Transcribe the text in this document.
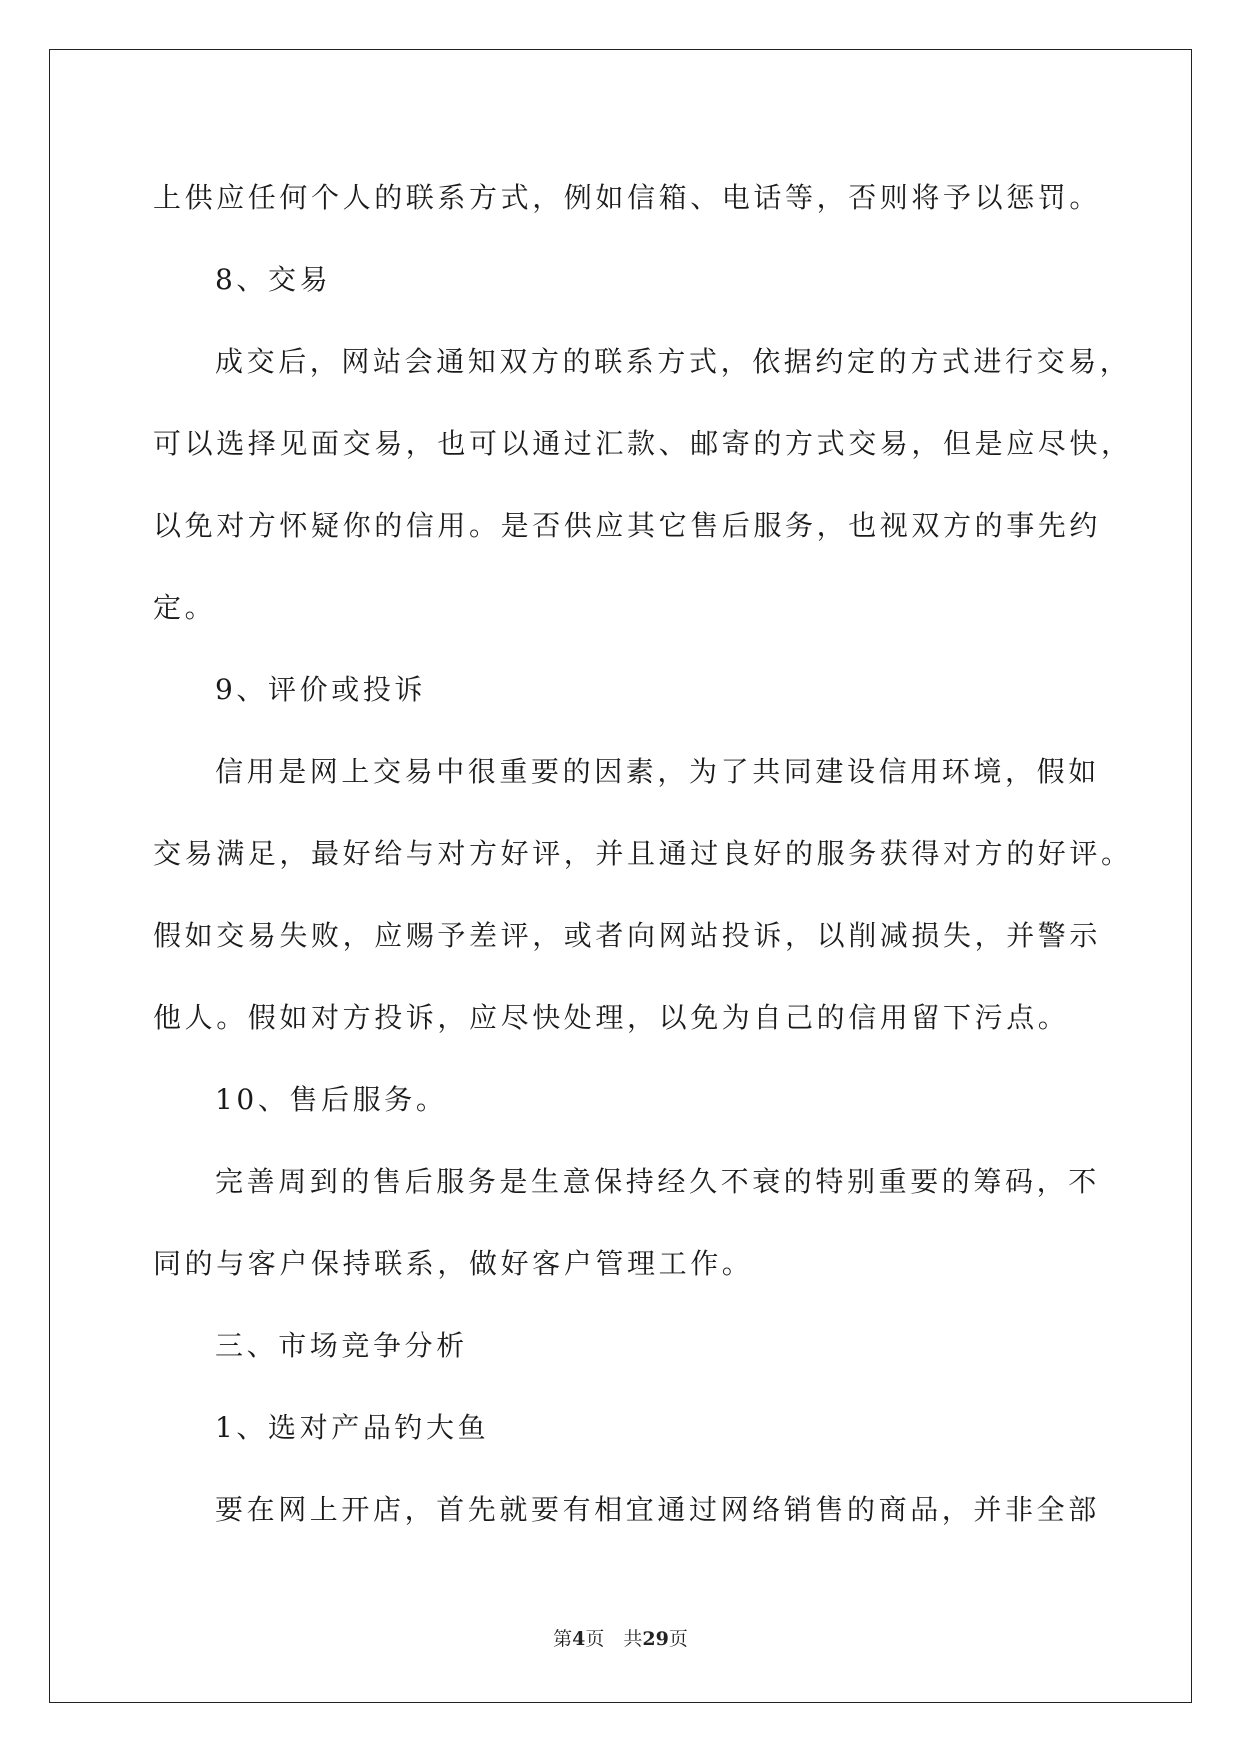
上供应任何个人的联系方式，例如信箱、电话等，否则将予以惩罚。
8、交易
成交后，网站会通知双方的联系方式，依据约定的方式进行交易，
可以选择见面交易，也可以通过汇款、邮寄的方式交易，但是应尽快，
以免对方怀疑你的信用。是否供应其它售后服务，也视双方的事先约
定。
9、评价或投诉
信用是网上交易中很重要的因素，为了共同建设信用环境，假如
交易满足，最好给与对方好评，并且通过良好的服务获得对方的好评。
假如交易失败，应赐予差评，或者向网站投诉，以削减损失，并警示
他人。假如对方投诉，应尽快处理，以免为自己的信用留下污点。
10、售后服务。
完善周到的售后服务是生意保持经久不衰的特别重要的筹码，不
同的与客户保持联系，做好客户管理工作。
三、市场竞争分析
1、选对产品钓大鱼
要在网上开店，首先就要有相宜通过网络销售的商品，并非全部
第4页　共29页
